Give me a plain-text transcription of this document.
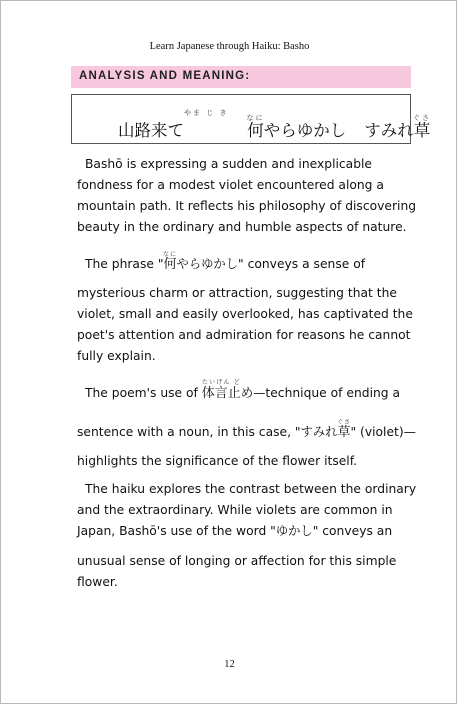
Learn Japanese through Haiku: Basho
ANALYSIS AND MEANING:
山路来てやま じ き何なにやらゆかし すみれ草ぐさ
Bashō is expressing a sudden and inexplicable
fondness for a modest violet encountered along a
mountain path. It reflects his philosophy of discovering
beauty in the ordinary and humble aspects of nature.
The phrase "何なにやらゆかし" conveys a sense of
mysterious charm or attraction, suggesting that the
violet, small and easily overlooked, has captivated the
poet's attention and admiration for reasons he cannot
fully explain.
The poem's use of 体言止たいげん どめ—technique of ending a
sentence with a noun, in this case, "すみれ草ぐさ" (violet)—
highlights the significance of the flower itself.
The haiku explores the contrast between the ordinary
and the extraordinary. While violets are common in
Japan, Bashō's use of the word "ゆかし" conveys an
unusual sense of longing or affection for this simple
flower.
12
